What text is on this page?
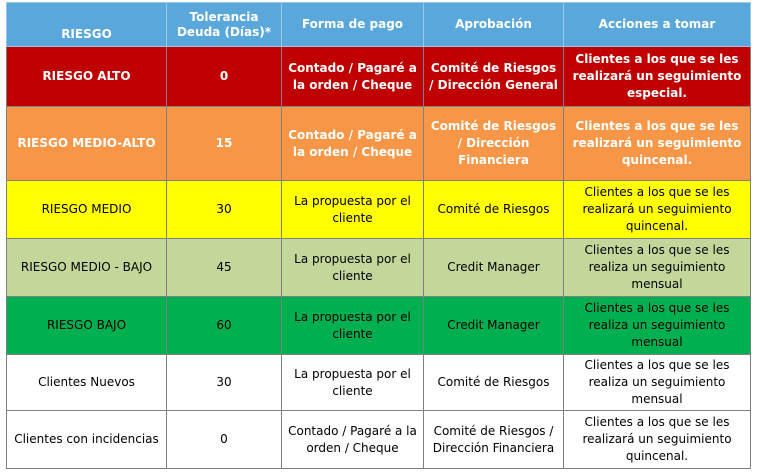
RIESGO	Tolerancia Deuda (Días)*	Forma de pago	Aprobación	Acciones a tomar
RIESGO ALTO	0	Contado / Pagaré a la orden / Cheque	Comité de Riesgos / Dirección General	Clientes a los que se les realizará un seguimiento especial.
RIESGO MEDIO-ALTO	15	Contado / Pagaré a la orden / Cheque	Comité de Riesgos / Dirección Financiera	Clientes a los que se les realizará un seguimiento quincenal.
RIESGO MEDIO	30	La propuesta por el cliente	Comité de Riesgos	Clientes a los que se les realizará un seguimiento quincenal.
RIESGO MEDIO - BAJO	45	La propuesta por el cliente	Credit Manager	Clientes a los que se les realiza un seguimiento mensual
RIESGO BAJO	60	La propuesta por el cliente	Credit Manager	Clientes a los que se les realiza un seguimiento mensual
Clientes Nuevos	30	La propuesta por el cliente	Comité de Riesgos	Clientes a los que se les realiza un seguimiento mensual
Clientes con incidencias	0	Contado / Pagaré a la orden / Cheque	Comité de Riesgos / Dirección Financiera	Clientes a los que se les realizará un seguimiento quincenal.
